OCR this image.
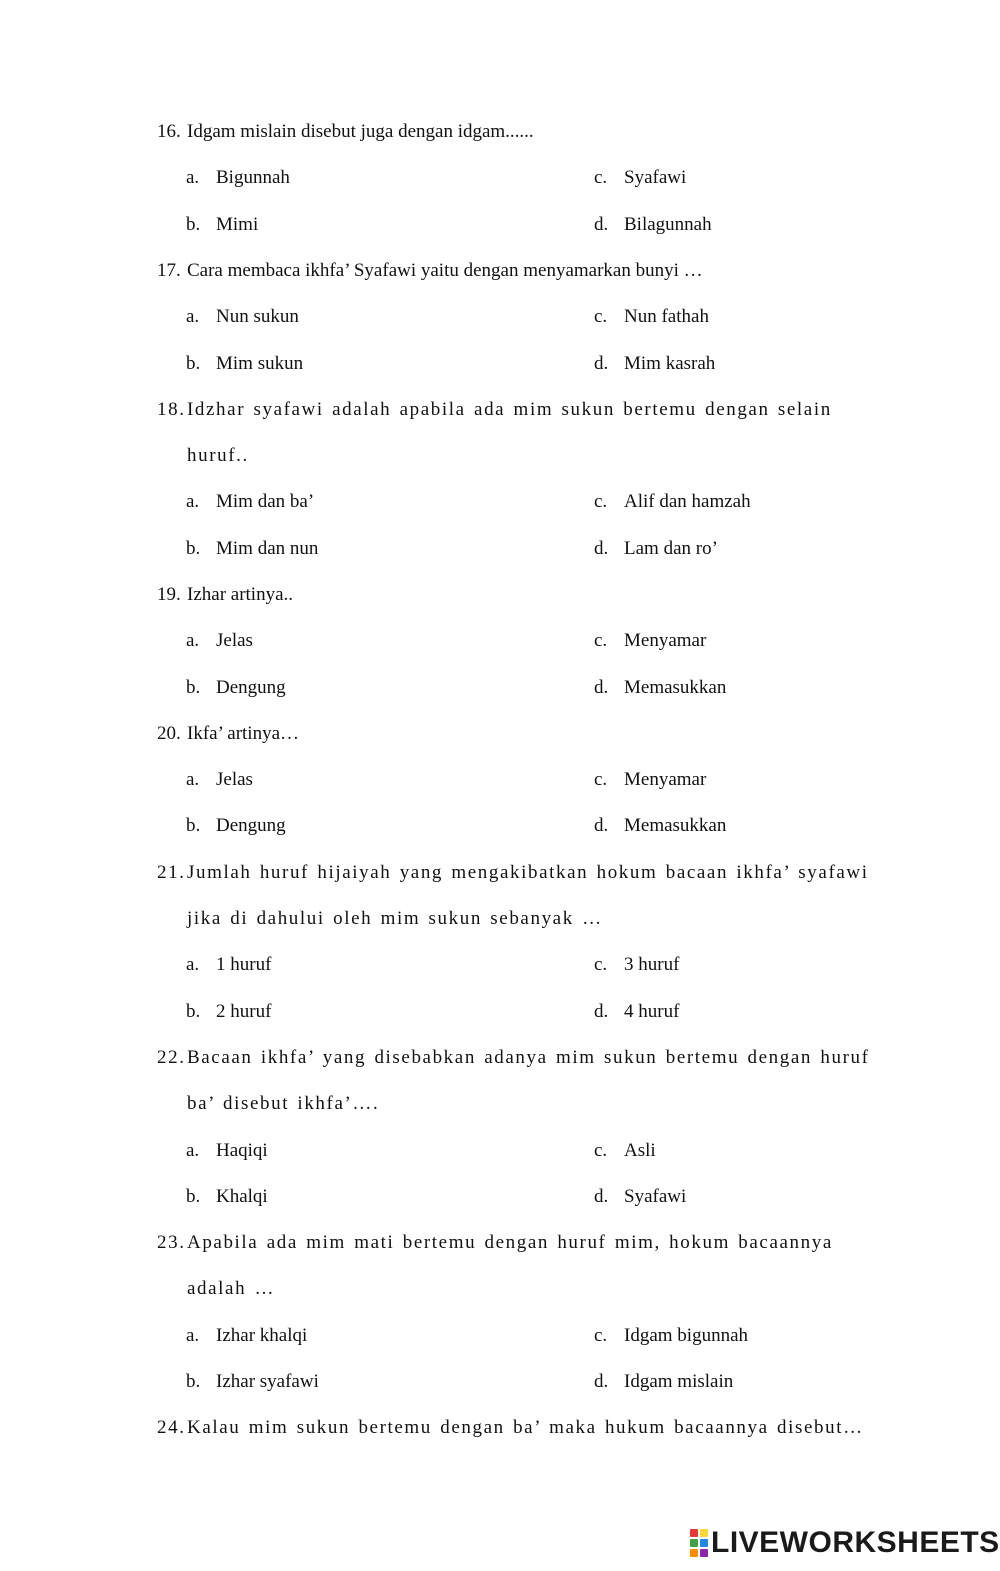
16. Idgam mislain disebut juga dengan idgam......
a. Bigunnah	c. Syafawi
b. Mimi	d. Bilagunnah
17. Cara membaca ikhfa’ Syafawi yaitu dengan menyamarkan bunyi …
a. Nun sukun	c. Nun fathah
b. Mim sukun	d. Mim kasrah
18.Idzhar syafawi adalah apabila ada mim sukun bertemu dengan selain
huruf..
a. Mim dan ba’	c. Alif dan hamzah
b. Mim dan nun	d. Lam dan ro’
19. Izhar artinya..
a. Jelas	c. Menyamar
b. Dengung	d. Memasukkan
20. Ikfa’ artinya…
a. Jelas	c. Menyamar
b. Dengung	d. Memasukkan
21.Jumlah huruf hijaiyah yang mengakibatkan hokum bacaan ikhfa’ syafawi
jika di dahului oleh mim sukun sebanyak …
a. 1 huruf	c. 3 huruf
b. 2 huruf	d. 4 huruf
22.Bacaan ikhfa’ yang disebabkan adanya mim sukun bertemu dengan huruf
ba’ disebut ikhfa’….
a. Haqiqi	c. Asli
b. Khalqi	d. Syafawi
23.Apabila ada mim mati bertemu dengan huruf mim, hokum bacaannya
adalah …
a. Izhar khalqi	c. Idgam bigunnah
b. Izhar syafawi	d. Idgam mislain
24.Kalau mim sukun bertemu dengan ba’ maka hukum bacaannya disebut…
LIVEWORKSHEETS
